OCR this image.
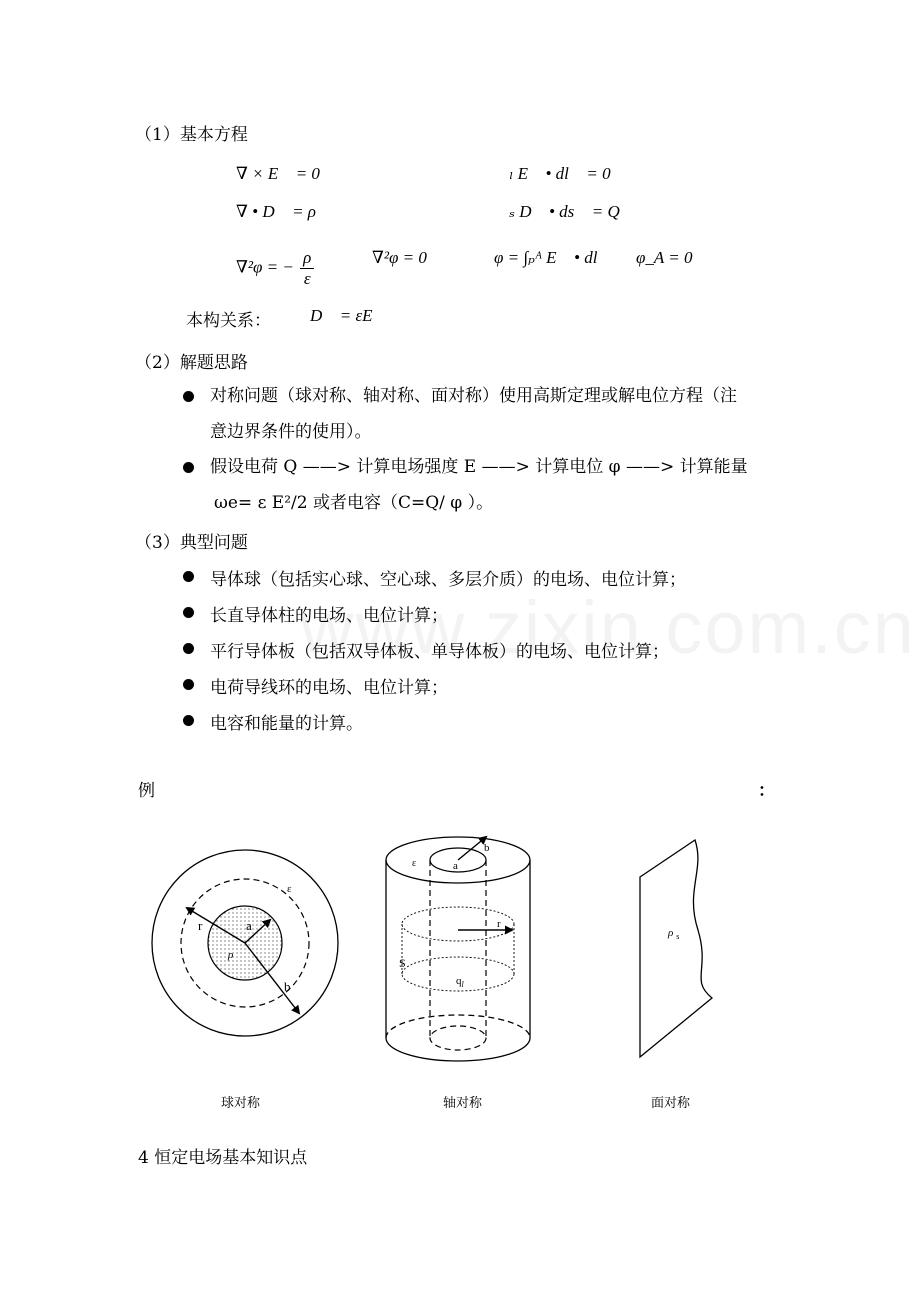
（1）基本方程
∇ × E⃗ = 0	∮ₗ E⃗ • dl⃗ = 0
∇ • D⃗ = ρ	∮ₛ D⃗ • ds⃗ = Q
∇²φ = − $\frac{\rho}{\varepsilon}$	∇²φ = 0	φ = ∫ₚᴬ E⃗ • dl⃗ φ_A = 0
本构关系： D⃗ = εE⃗
（2）解题思路
对称问题（球对称、轴对称、面对称）使用高斯定理或解电位方程（注
意边界条件的使用）。
假设电荷 Q ——> 计算电场强度 E ——> 计算电位 φ ——> 计算能量
ωe= ε E²/2 或者电容（C=Q/ φ ）。
（3）典型问题
导体球（包括实心球、空心球、多层介质）的电场、电位计算；
长直导体柱的电场、电位计算；
平行导体板（包括双导体板、单导体板）的电场、电位计算；
电荷导线环的电场、电位计算；
电容和能量的计算。
例	：
r	a
ρ
b
ε
b
a
ε
r
S
$q_l$
ρ $_s$
球对称	轴对称	面对称
4 恒定电场基本知识点
